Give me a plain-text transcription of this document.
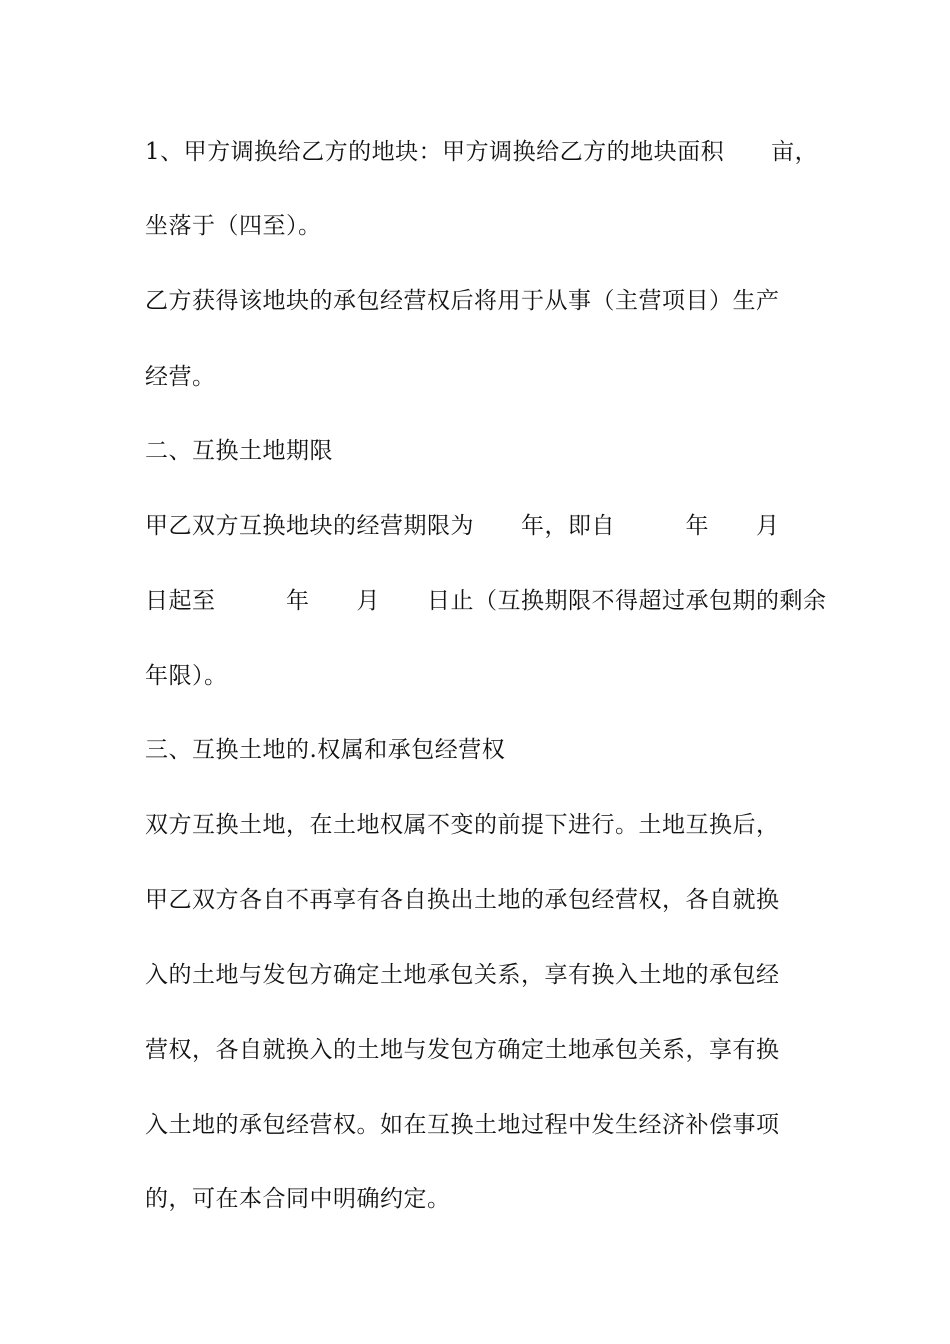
1、甲方调换给乙方的地块：甲方调换给乙方的地块面积　　亩，
坐落于（四至）。
乙方获得该地块的承包经营权后将用于从事（主营项目）生产
经营。
二、互换土地期限
甲乙双方互换地块的经营期限为　　年，即自　　　年　　月
日起至　　　年　　月　　日止（互换期限不得超过承包期的剩余
年限）。
三、互换土地的.权属和承包经营权
双方互换土地，在土地权属不变的前提下进行。土地互换后，
甲乙双方各自不再享有各自换出土地的承包经营权，各自就换
入的土地与发包方确定土地承包关系，享有换入土地的承包经
营权，各自就换入的土地与发包方确定土地承包关系，享有换
入土地的承包经营权。如在互换土地过程中发生经济补偿事项
的，可在本合同中明确约定。
